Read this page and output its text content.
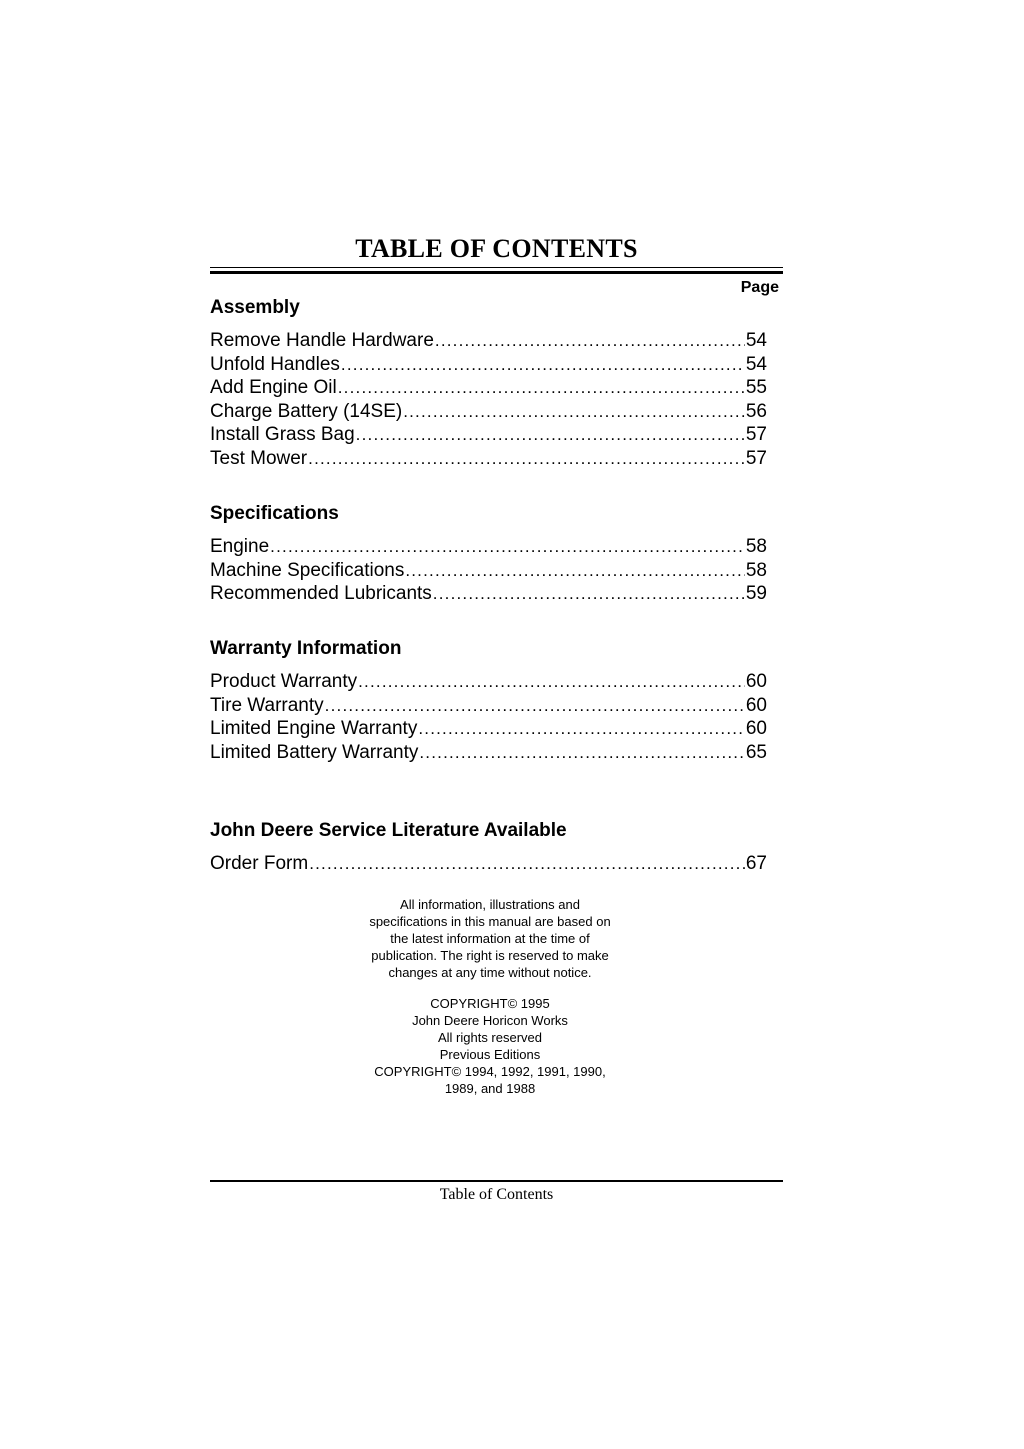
TABLE OF CONTENTS
Page
Assembly
Remove Handle Hardware .....	54
Unfold Handles .....	54
Add Engine Oil .....	55
Charge Battery (14SE) .....	56
Install Grass Bag .....	57
Test Mower .....	57
Specifications
Engine .....	58
Machine Specifications .....	58
Recommended Lubricants .....	59
Warranty Information
Product Warranty .....	60
Tire Warranty .....	60
Limited Engine Warranty .....	60
Limited Battery Warranty .....	65
John Deere Service Literature Available
Order Form .....	67
All information, illustrations and
specifications in this manual are based on
the latest information at the time of
publication. The right is reserved to make
changes at any time without notice.
COPYRIGHT© 1995
John Deere Horicon Works
All rights reserved
Previous Editions
COPYRIGHT© 1994, 1992, 1991, 1990,
1989, and 1988
Table of Contents
